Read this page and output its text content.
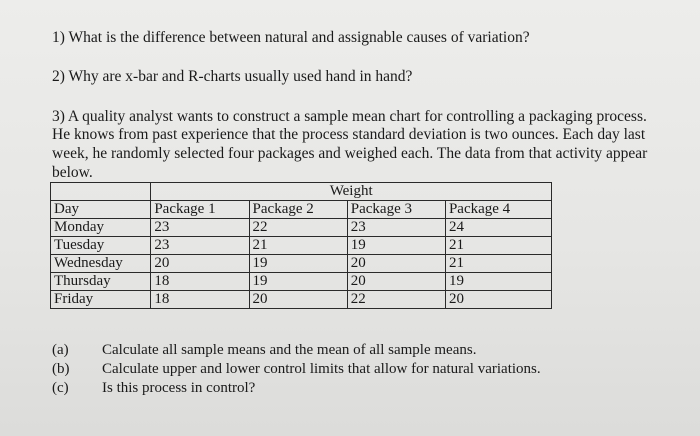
1) What is the difference between natural and assignable causes of variation?
2) Why are x-bar and R-charts usually used hand in hand?
3) A quality analyst wants to construct a sample mean chart for controlling a packaging process.
He knows from past experience that the process standard deviation is two ounces. Each day last
week, he randomly selected four packages and weighed each. The data from that activity appear
below.
	Weight			
Day	Package 1	Package 2	Package 3	Package 4
Monday	23	22	23	24
Tuesday	23	21	19	21
Wednesday	20	19	20	21
Thursday	18	19	20	19
Friday	18	20	22	20
(a) Calculate all sample means and the mean of all sample means.
(b) Calculate upper and lower control limits that allow for natural variations.
(c) Is this process in control?
